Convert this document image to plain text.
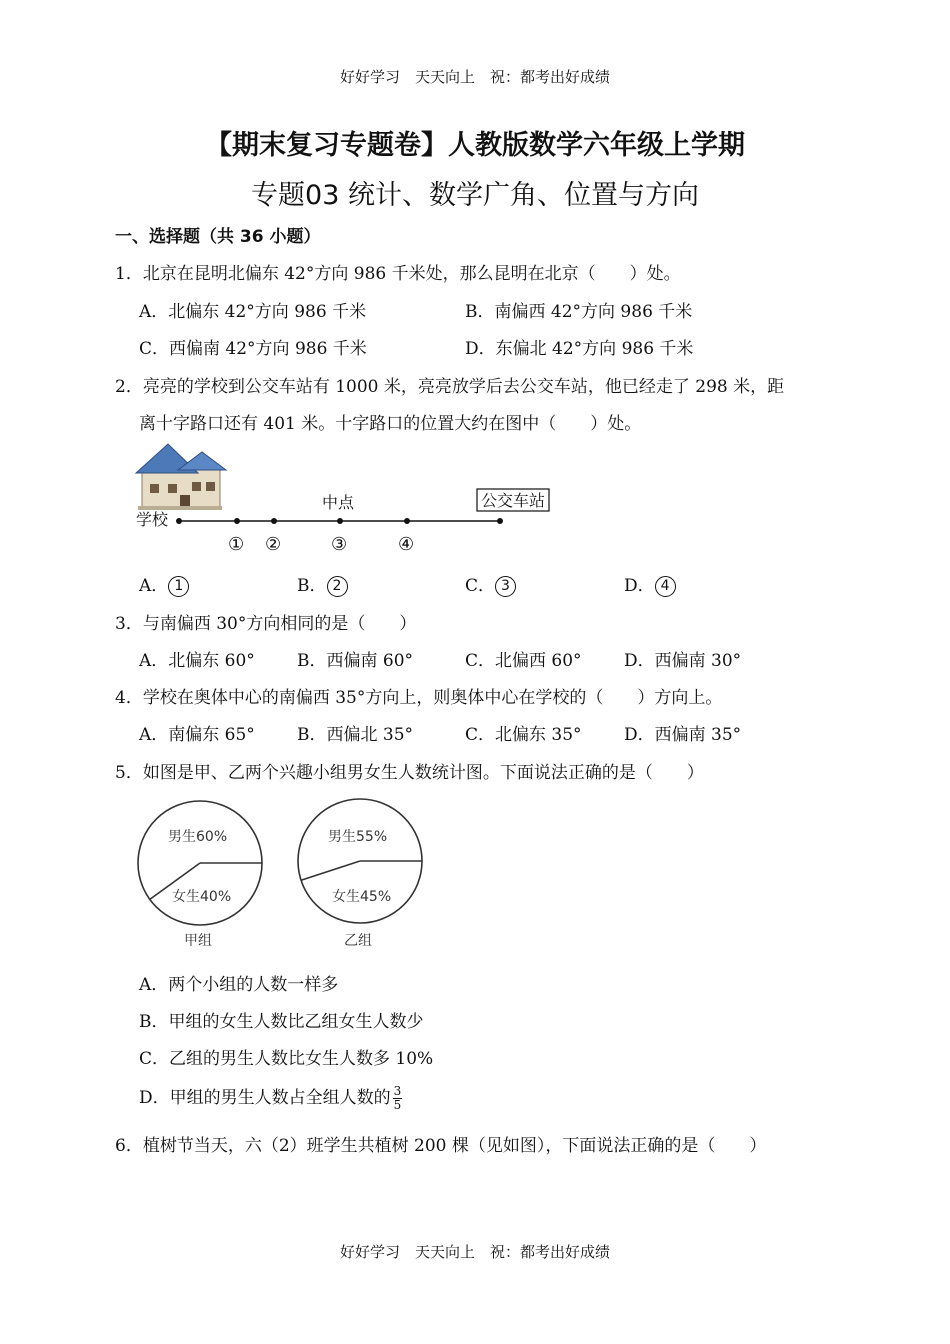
好好学习　天天向上　祝：都考出好成绩
【期末复习专题卷】人教版数学六年级上学期
专题03 统计、数学广角、位置与方向
一、选择题（共 36 小题）
1．北京在昆明北偏东 42°方向 986 千米处，那么昆明在北京（　　）处。
A．北偏东 42°方向 986 千米	B．南偏西 42°方向 986 千米
C．西偏南 42°方向 986 千米	D．东偏北 42°方向 986 千米
2．亮亮的学校到公交车站有 1000 米，亮亮放学后去公交车站，他已经走了 298 米，距
离十字路口还有 401 米。十字路口的位置大约在图中（　　）处。
学校
中点	公交车站
① ②	③	④
A． 1	B． 2	C． 3	D． 4
3．与南偏西 30°方向相同的是（　　）
A．北偏东 60° B．西偏南 60°	C．北偏西 60° D．西偏南 30°
4．学校在奥体中心的南偏西 35°方向上，则奥体中心在学校的（　　）方向上。
A．南偏东 65° B．西偏北 35°	C．北偏东 35° D．西偏南 35°
5．如图是甲、乙两个兴趣小组男女生人数统计图。下面说法正确的是（　　）
男生60%
女生40%
甲组
男生55%
女生45%
乙组
A．两个小组的人数一样多
B．甲组的女生人数比乙组女生人数少
C．乙组的男生人数比女生人数多 10%
D．甲组的男生人数占全组人数的 $\frac{3}{5}$
6．植树节当天，六（2）班学生共植树 200 棵（见如图），下面说法正确的是（　　）
好好学习　天天向上　祝：都考出好成绩
